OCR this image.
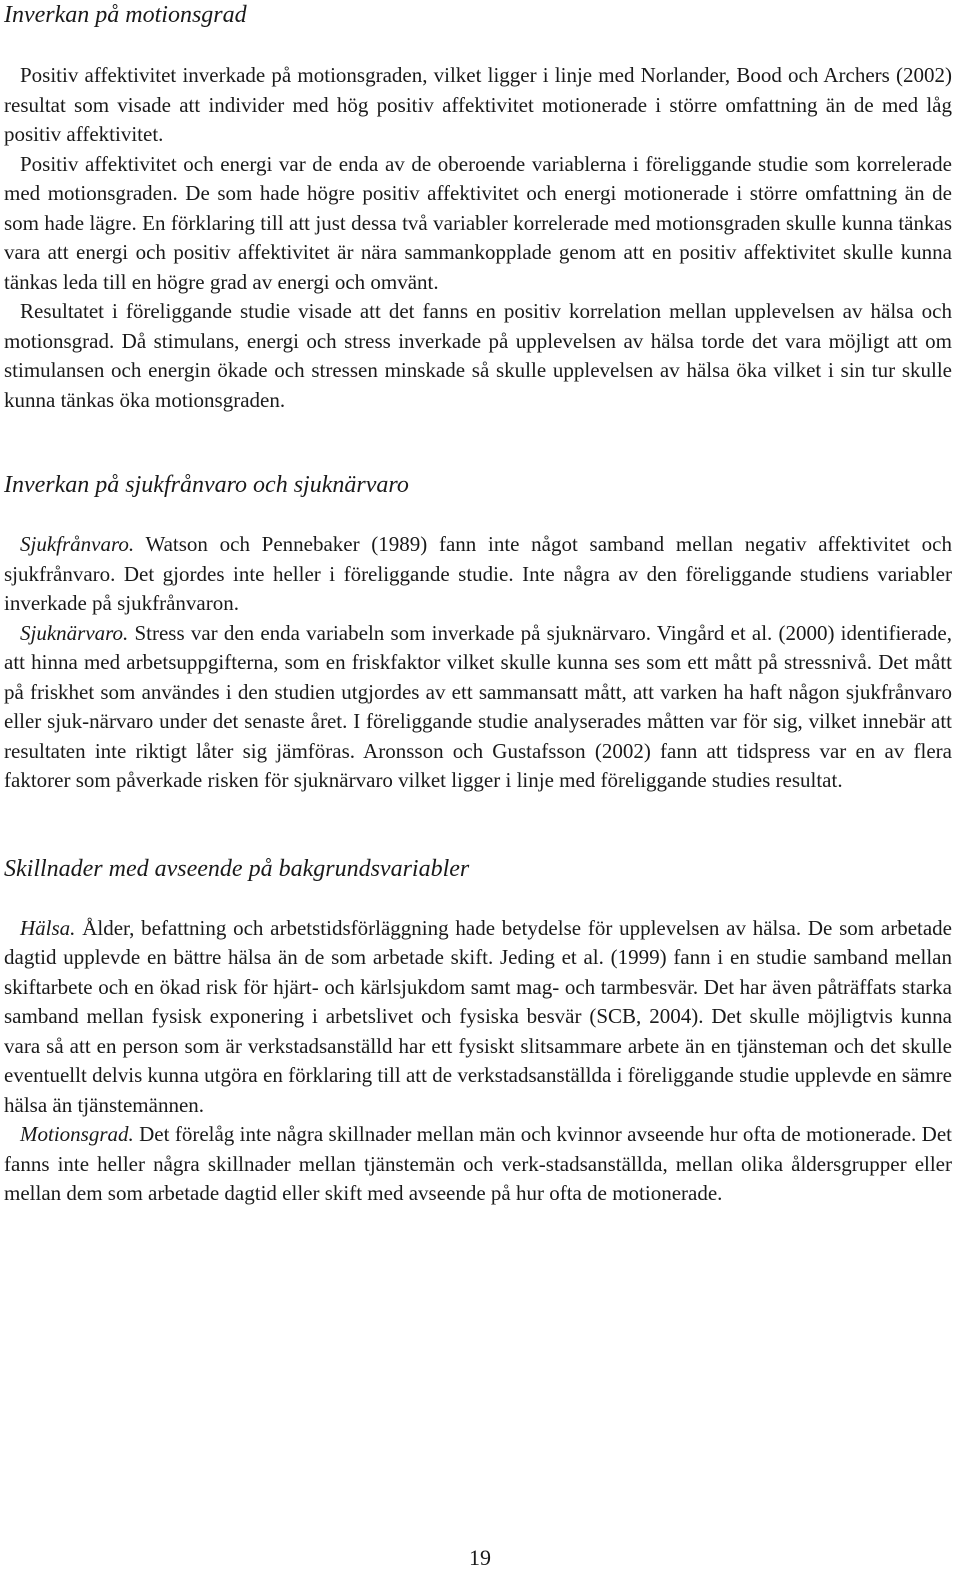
Inverkan på motionsgrad

Positiv affektivitet inverkade på motionsgraden, vilket ligger i linje med Norlander, Bood och Archers (2002) resultat som visade att individer med hög positiv affektivitet motionerade i större omfattning än de med låg positiv affektivitet.

Positiv affektivitet och energi var de enda av de oberoende variablerna i föreliggande studie som korrelerade med motionsgraden. De som hade högre positiv affektivitet och energi motionerade i större omfattning än de som hade lägre. En förklaring till att just dessa två variabler korrelerade med motionsgraden skulle kunna tänkas vara att energi och positiv affektivitet är nära sammankopplade genom att en positiv affektivitet skulle kunna tänkas leda till en högre grad av energi och omvänt.

Resultatet i föreliggande studie visade att det fanns en positiv korrelation mellan upplevelsen av hälsa och motionsgrad. Då stimulans, energi och stress inverkade på upplevelsen av hälsa torde det vara möjligt att om stimulansen och energin ökade och stressen minskade så skulle upplevelsen av hälsa öka vilket i sin tur skulle kunna tänkas öka motionsgraden.

Inverkan på sjukfrånvaro och sjuknärvaro

Sjukfrånvaro. Watson och Pennebaker (1989) fann inte något samband mellan negativ affektivitet och sjukfrånvaro. Det gjordes inte heller i föreliggande studie. Inte några av den föreliggande studiens variabler inverkade på sjukfrånvaron.

Sjuknärvaro. Stress var den enda variabeln som inverkade på sjuknärvaro. Vingård et al. (2000) identifierade, att hinna med arbetsuppgifterna, som en friskfaktor vilket skulle kunna ses som ett mått på stressnivå. Det mått på friskhet som användes i den studien utgjordes av ett sammansatt mått, att varken ha haft någon sjukfrånvaro eller sjuk-närvaro under det senaste året. I föreliggande studie analyserades måtten var för sig, vilket innebär att resultaten inte riktigt låter sig jämföras. Aronsson och Gustafsson (2002) fann att tidspress var en av flera faktorer som påverkade risken för sjuknärvaro vilket ligger i linje med föreliggande studies resultat.

Skillnader med avseende på bakgrundsvariabler

Hälsa. Ålder, befattning och arbetstidsförläggning hade betydelse för upplevelsen av hälsa. De som arbetade dagtid upplevde en bättre hälsa än de som arbetade skift. Jeding et al. (1999) fann i en studie samband mellan skiftarbete och en ökad risk för hjärt- och kärlsjukdom samt mag- och tarmbesvär. Det har även påträffats starka samband mellan fysisk exponering i arbetslivet och fysiska besvär (SCB, 2004). Det skulle möjligtvis kunna vara så att en person som är verkstadsanställd har ett fysiskt slitsammare arbete än en tjänsteman och det skulle eventuellt delvis kunna utgöra en förklaring till att de verkstadsanställda i föreliggande studie upplevde en sämre hälsa än tjänstemännen.

Motionsgrad. Det förelåg inte några skillnader mellan män och kvinnor avseende hur ofta de motionerade. Det fanns inte heller några skillnader mellan tjänstemän och verk-stadsanställda, mellan olika åldersgrupper eller mellan dem som arbetade dagtid eller skift med avseende på hur ofta de motionerade.

19
